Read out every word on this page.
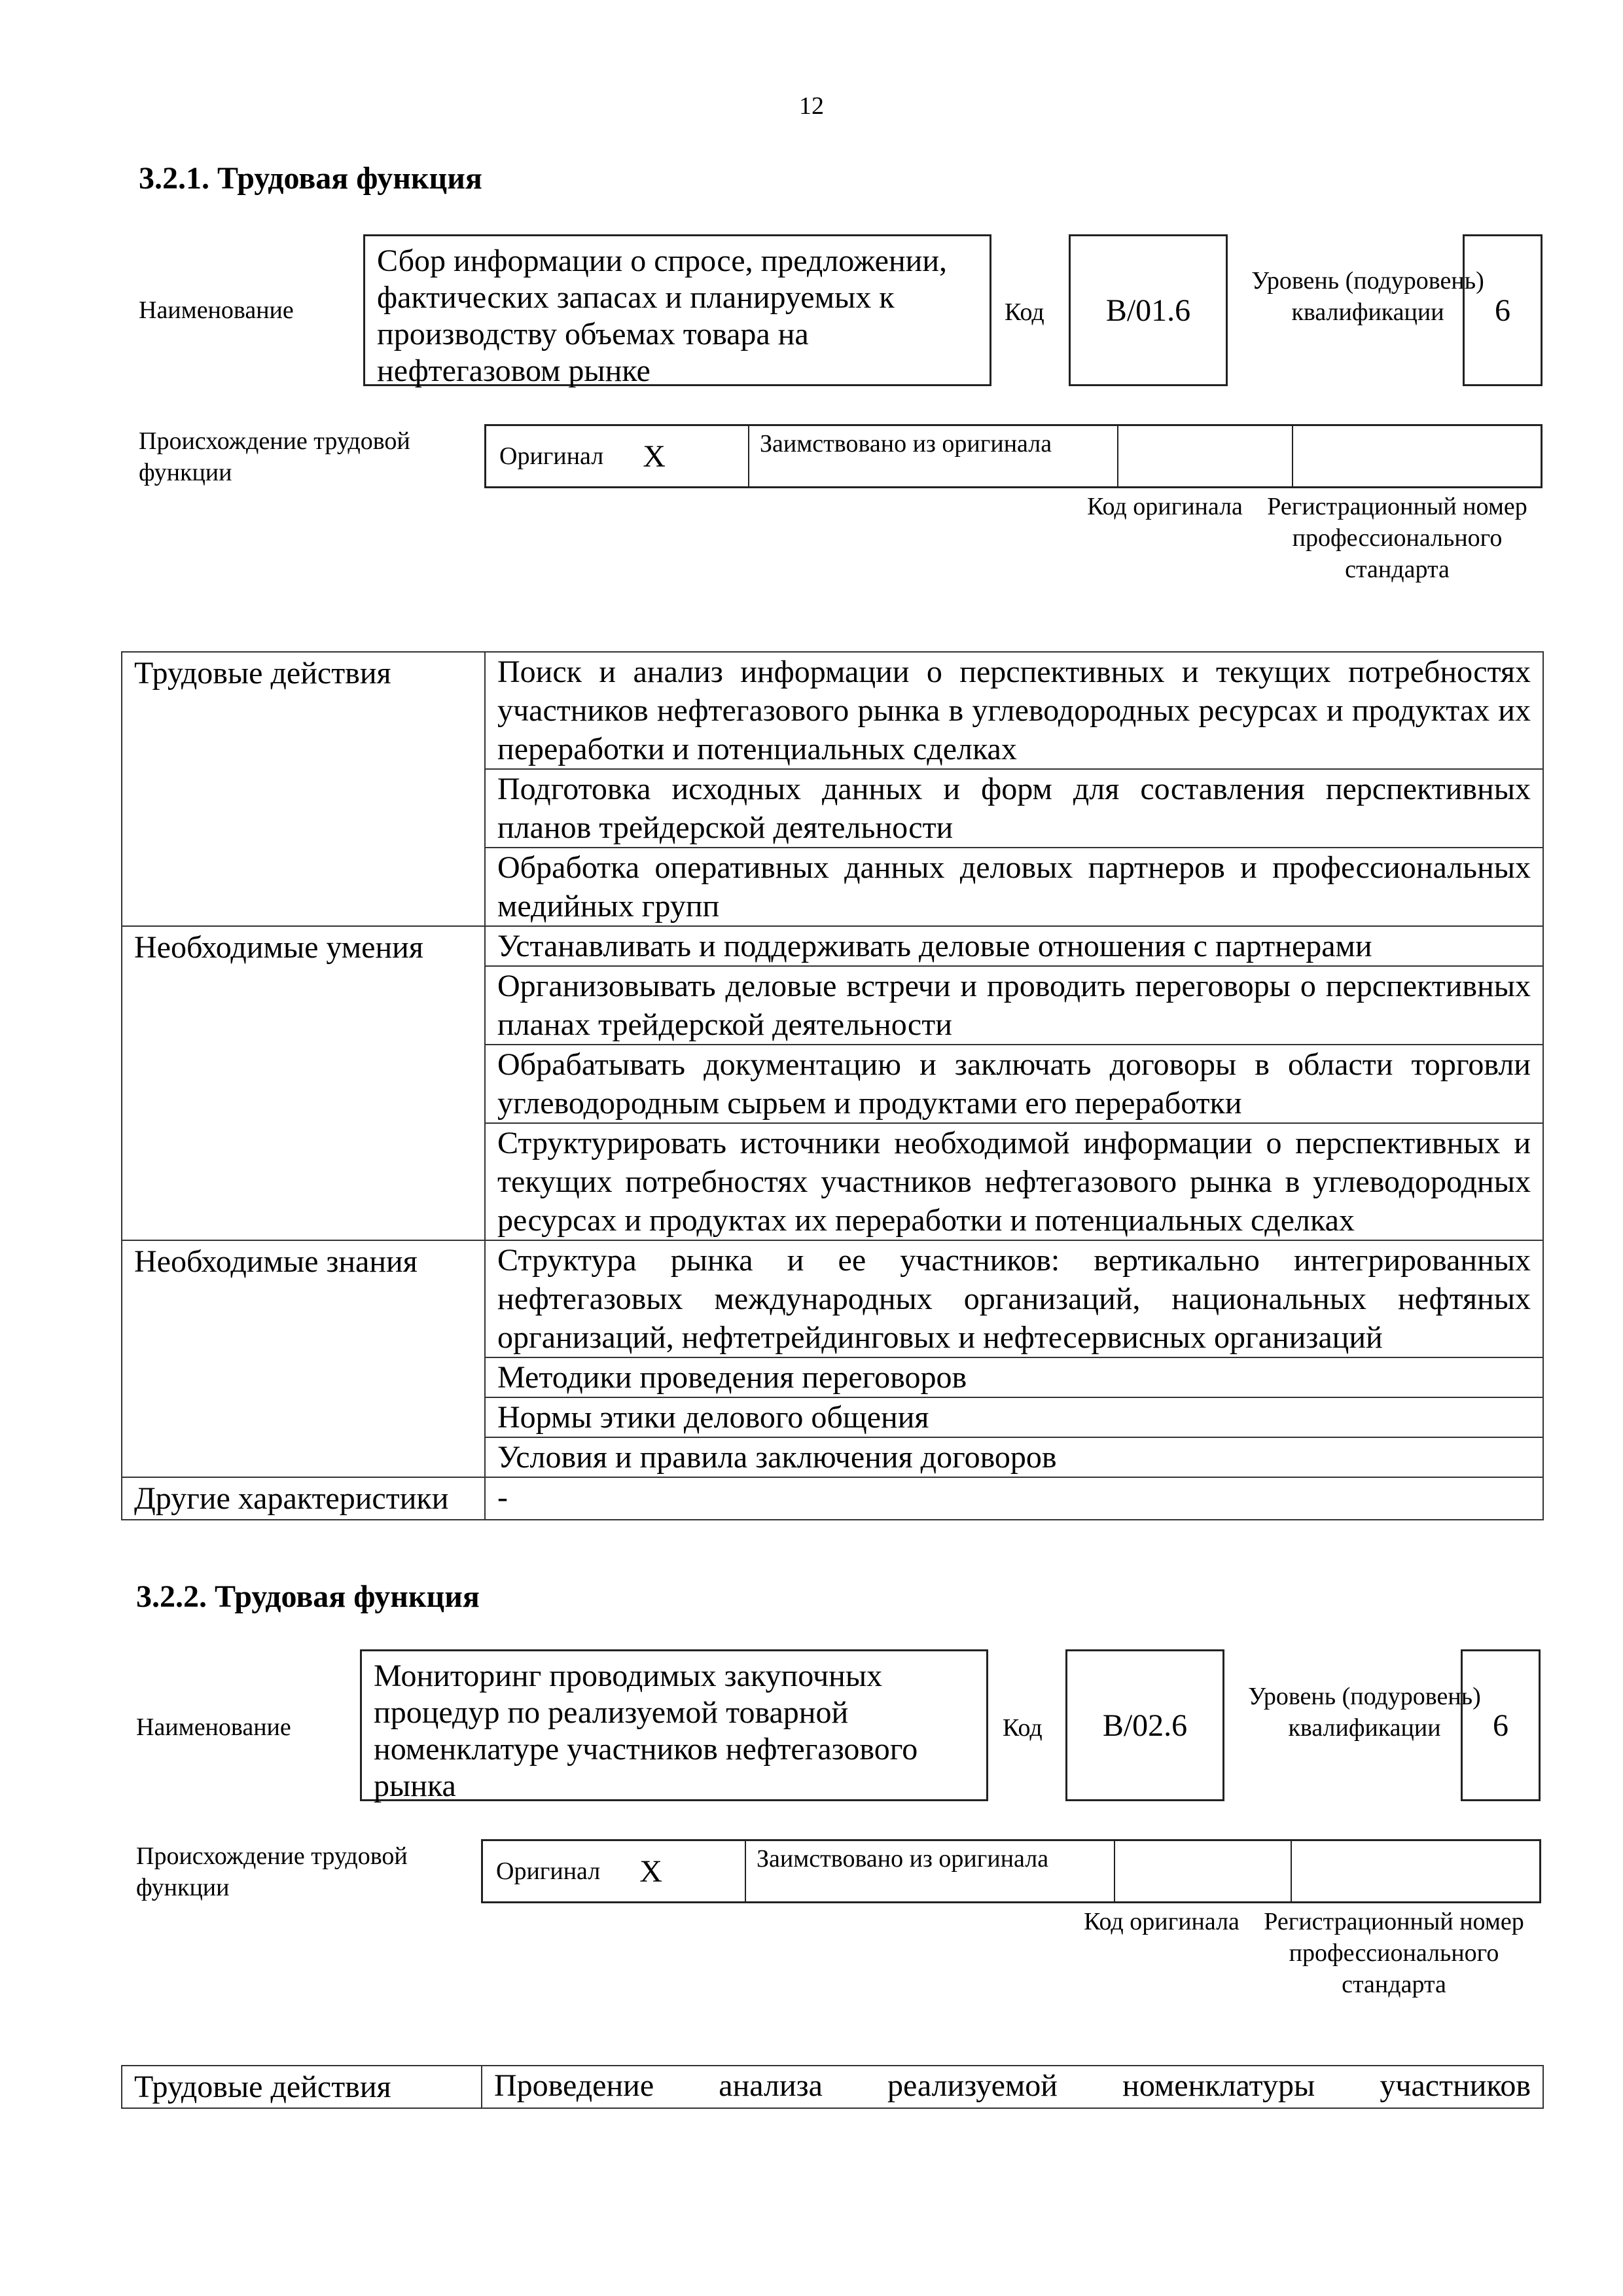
12
3.2.1. Трудовая функция
Наименование
Сбор информации о спросе, предложении, фактических запасах и планируемых к производству объемах товара на нефтегазовом рынке
Код	B/01.6
Уровень (подуровень) квалификации	6
Происхождение трудовой функции
Оригинал X	Заимствовано из оригинала
Код оригинала Регистрационный номер профессионального стандарта
Трудовые действия	Поиск и анализ информации о перспективных и текущих потребностях участников нефтегазового рынка в углеводородных ресурсах и продуктах их переработки и потенциальных сделках
	Подготовка исходных данных и форм для составления перспективных планов трейдерской деятельности
	Обработка оперативных данных деловых партнеров и профессиональных медийных групп
Необходимые умения	Устанавливать и поддерживать деловые отношения с партнерами
	Организовывать деловые встречи и проводить переговоры о перспективных планах трейдерской деятельности
	Обрабатывать документацию и заключать договоры в области торговли углеводородным сырьем и продуктами его переработки
	Структурировать источники необходимой информации о перспективных и текущих потребностях участников нефтегазового рынка в углеводородных ресурсах и продуктах их переработки и потенциальных сделках
Необходимые знания	Структура рынка и ее участников: вертикально интегрированных нефтегазовых международных организаций, национальных нефтяных организаций, нефтетрейдинговых и нефтесервисных организаций
	Методики проведения переговоров
	Нормы этики делового общения
	Условия и правила заключения договоров
Другие характеристики	-
3.2.2. Трудовая функция
Наименование
Мониторинг проводимых закупочных процедур по реализуемой товарной номенклатуре участников нефтегазового рынка
Код	B/02.6
Уровень (подуровень) квалификации	6
Происхождение трудовой функции
Оригинал X	Заимствовано из оригинала
Код оригинала Регистрационный номер профессионального стандарта
Трудовые действия	Проведение анализа реализуемой номенклатуры участников
